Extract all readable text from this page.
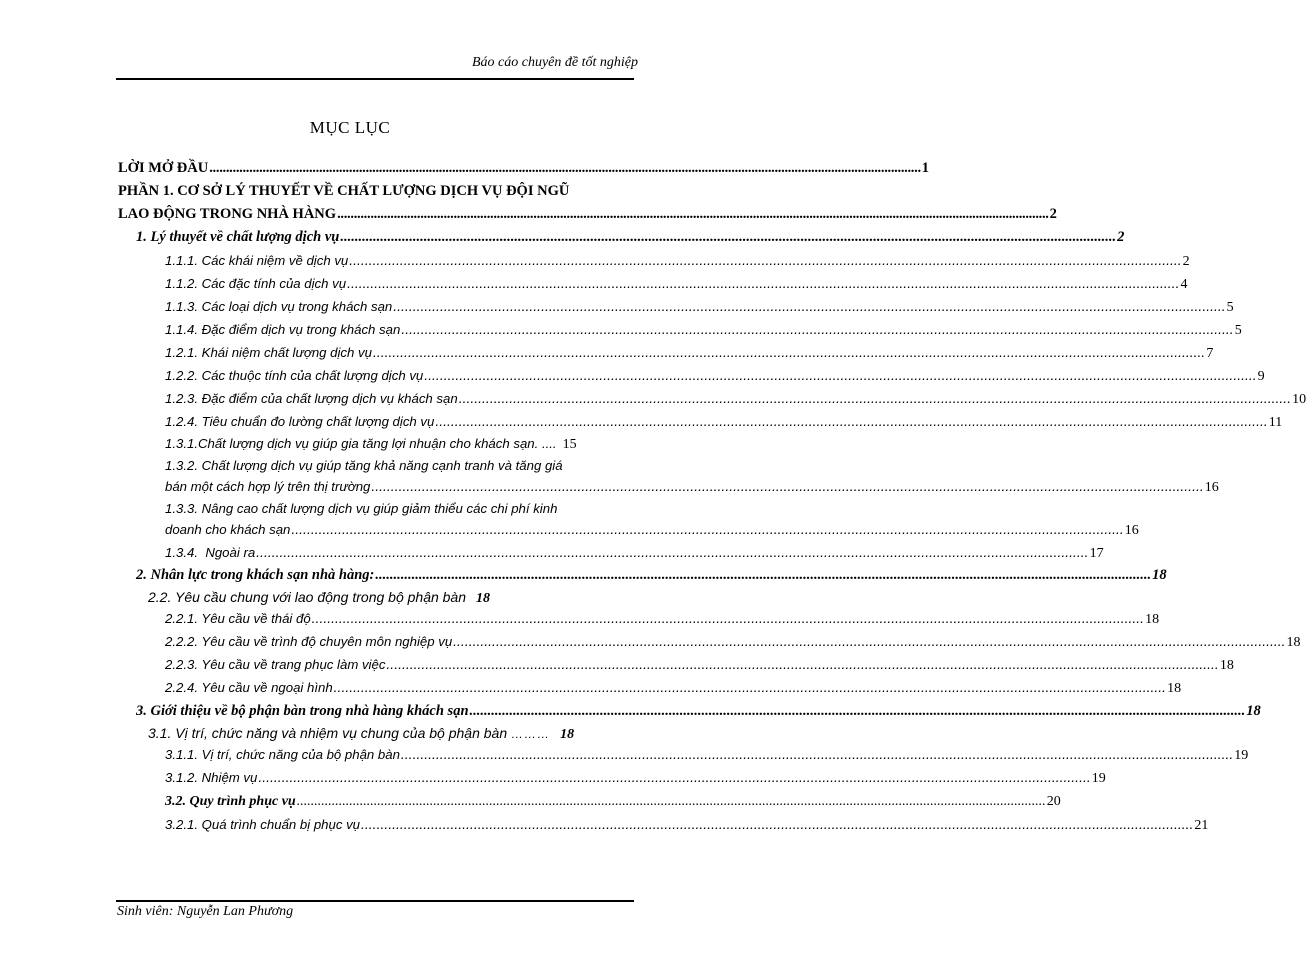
Báo cáo chuyên đề tốt nghiệp
MỤC LỤC
LỜI MỞ ĐẦU .....	1
PHẦN 1. CƠ SỞ LÝ THUYẾT VỀ CHẤT LƯỢNG DỊCH VỤ ĐỘI NGŨ
LAO ĐỘNG TRONG NHÀ HÀNG .....	2
1. Lý thuyết về chất lượng dịch vụ .....	2
1.1.1. Các khái niệm về dịch vụ .....	2
1.1.2. Các đặc tính của dịch vụ .....	4
1.1.3. Các loại dịch vụ trong khách sạn .....	5
1.1.4. Đặc điểm dịch vụ trong khách sạn .....	5
1.2.1. Khái niệm chất lượng dịch vụ .....	7
1.2.2. Các thuộc tính của chất lượng dịch vụ .....	9
1.2.3. Đặc điểm của chất lượng dịch vụ khách sạn .....	10
1.2.4. Tiêu chuẩn đo lường chất lượng dịch vụ .....	11
1.3.1.Chất lượng dịch vụ giúp gia tăng lợi nhuận cho khách sạn. .... 15
1.3.2. Chất lượng dịch vụ giúp tăng khả năng cạnh tranh và tăng giá
bán một cách hợp lý trên thị trường .....	16
1.3.3. Nâng cao chất lượng dịch vụ giúp giảm thiểu các chi phí kinh
doanh cho khách sạn .....	16
1.3.4.  Ngoài ra .....	17
2. Nhân lực trong khách sạn nhà hàng: .....	18
2.2. Yêu cầu chung với lao động trong bộ phận bàn 18
2.2.1. Yêu cầu về thái độ .....	18
2.2.2. Yêu cầu về trình độ chuyên môn nghiệp vụ .....	18
2.2.3. Yêu cầu về trang phục làm việc .....	18
2.2.4. Yêu cầu về ngoại hình .....	18
3. Giới thiệu về bộ phận bàn trong nhà hàng khách sạn .....	18
3.1. Vị trí, chức năng và nhiệm vụ chung của bộ phận bàn ……… 18
3.1.1. Vị trí, chức năng của bộ phận bàn .....	19
3.1.2. Nhiệm vụ .....	19
3.2. Quy trình phục vụ .....	20
3.2.1. Quá trình chuẩn bị phục vụ .....	21
Sinh viên: Nguyễn Lan Phương
